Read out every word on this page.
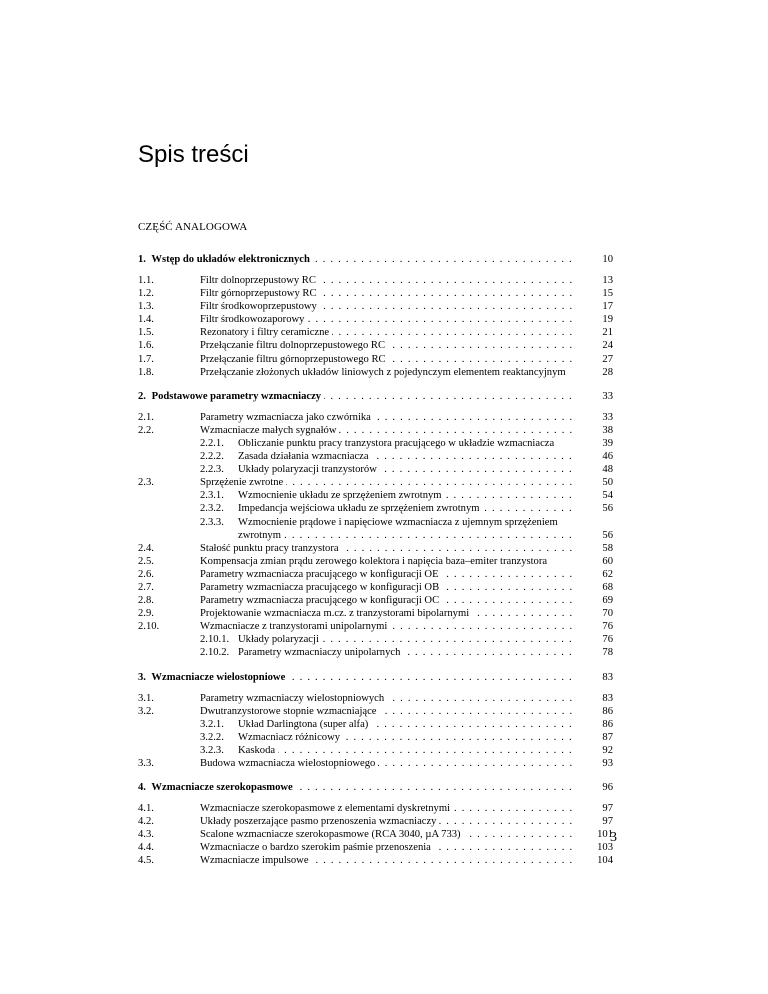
Spis treści
CZĘŚĆ ANALOGOWA
1. Wstęp do układów elektronicznych . . .	10
1.1.	Filtr dolnoprzepustowy RC . . .	13
1.2.	Filtr górnoprzepustowy RC . . .	15
1.3.	Filtr środkowoprzepustowy . . .	17
1.4.	Filtr środkowozaporowy . . .	19
1.5.	Rezonatory i filtry ceramiczne . . .	21
1.6.	Przełączanie filtru dolnoprzepustowego RC . . .	24
1.7.	Przełączanie filtru górnoprzepustowego RC . . .	27
1.8.	Przełączanie złożonych układów liniowych z pojedynczym elementem reaktancyjnym	28
2. Podstawowe parametry wzmacniaczy . . .	33
2.1.	Parametry wzmacniacza jako czwórnika . . .	33
2.2.	Wzmacniacze małych sygnałów . . .	38
2.2.1. Obliczanie punktu pracy tranzystora pracującego w układzie wzmacniacza	39
2.2.2. Zasada działania wzmacniacza . . .	46
2.2.3. Układy polaryzacji tranzystorów . . .	48
2.3.	Sprzężenie zwrotne . . .	50
2.3.1. Wzmocnienie układu ze sprzężeniem zwrotnym . . .	54
2.3.2. Impedancja wejściowa układu ze sprzężeniem zwrotnym . . .	56
2.3.3. Wzmocnienie prądowe i napięciowe wzmacniacza z ujemnym sprzężeniem
zwrotnym . . .	56
2.4.	Stałość punktu pracy tranzystora . . .	58
2.5.	Kompensacja zmian prądu zerowego kolektora i napięcia baza–emiter tranzystora	60
2.6.	Parametry wzmacniacza pracującego w konfiguracji OE . . .	62
2.7.	Parametry wzmacniacza pracującego w konfiguracji OB . . .	68
2.8.	Parametry wzmacniacza pracującego w konfiguracji OC . . .	69
2.9.	Projektowanie wzmacniacza m.cz. z tranzystorami bipolarnymi . . .	70
2.10.	Wzmacniacze z tranzystorami unipolarnymi . . .	76
2.10.1. Układy polaryzacji . . .	76
2.10.2. Parametry wzmacniaczy unipolarnych . . .	78
3. Wzmacniacze wielostopniowe . . .	83
3.1.	Parametry wzmacniaczy wielostopniowych . . .	83
3.2.	Dwutranzystorowe stopnie wzmacniające . . .	86
3.2.1. Układ Darlingtona (super alfa) . . .	86
3.2.2. Wzmacniacz różnicowy . . .	87
3.2.3. Kaskoda . . .	92
3.3.	Budowa wzmacniacza wielostopniowego . . .	93
4. Wzmacniacze szerokopasmowe . . .	96
4.1.	Wzmacniacze szerokopasmowe z elementami dyskretnymi . . .	97
4.2.	Układy poszerzające pasmo przenoszenia wzmacniaczy . . .	97
4.3.	Scalone wzmacniacze szerokopasmowe (RCA 3040, µA 733) . . .	101
4.4.	Wzmacniacze o bardzo szerokim paśmie przenoszenia . . .	103
4.5.	Wzmacniacze impulsowe . . .	104
3
